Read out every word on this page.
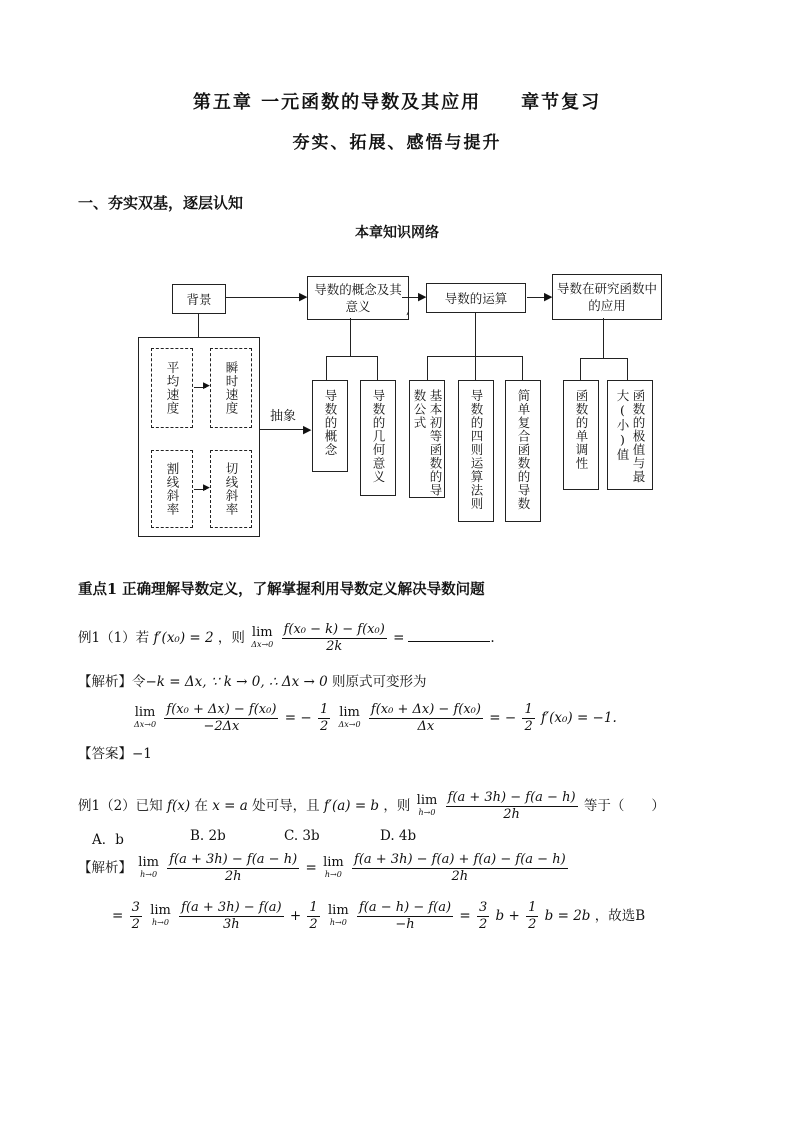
第五章 一元函数的导数及其应用　　章节复习
夯实、拓展、感悟与提升
一、夯实双基，逐层认知
本章知识网络
背景
导数的概念及其意义
导数的运算
导数在研究函数中的应用
▶	▶	▶
,
平均速度	瞬时速度
割线斜率	切线斜率
▶
▶
抽象
▶ 导数的概念	导数的几何意义	基本初等函数的导数公式	导数的四则运算法则	简单复合函数的导数	函数的单调性	函数的极值与最大(小)值
重点1 正确理解导数定义，了解掌握利用导数定义解决导数问题
例1（1）若 f′(x₀) = 2 ，则 lim
Δx→0
$\frac{\text{f(x₀ − k) − f(x₀)}}{2k}$ =	.
【解析】令−k = Δx, ∵ k → 0, ∴ Δx → 0 则原式可变形为
lim
Δx→0
$\frac{\text{f(x₀ + Δx) − f(x₀)}}{-2\Delta x}$ = − $\frac{1}{2}$
lim
Δx→0
$\frac{\text{f(x₀ + Δx) − f(x₀)}}{\Delta x}$ = − $\frac{1}{2} f'(x_0) = -1$.
【答案】−1
例1（2）已知 f(x) 在 x = a 处可导，且 f′(a) = b ，则 lim
h→0
$\frac{f(a + 3h) - f(a - h)}{2h}$ 等于（　　）
A．b	B. 2b	C. 3b	D. 4b
【解析】 lim
h→0
$\frac{f(a + 3h) - f(a - h)}{2h} = \lim$
h→0
$\frac{f(a + 3h) - f(a) + f(a) - f(a - h)}{2h}$
= $\frac{3}{2}$
lim
h→0
$\frac{f(a + 3h) - f(a)}{3h} + \frac{1}{2}$
lim
h→0
$\frac{f(a - h) - f(a)}{-h} = \frac{3}{2}$ $b + \frac{1}{2}$ b = 2b ，故选B
